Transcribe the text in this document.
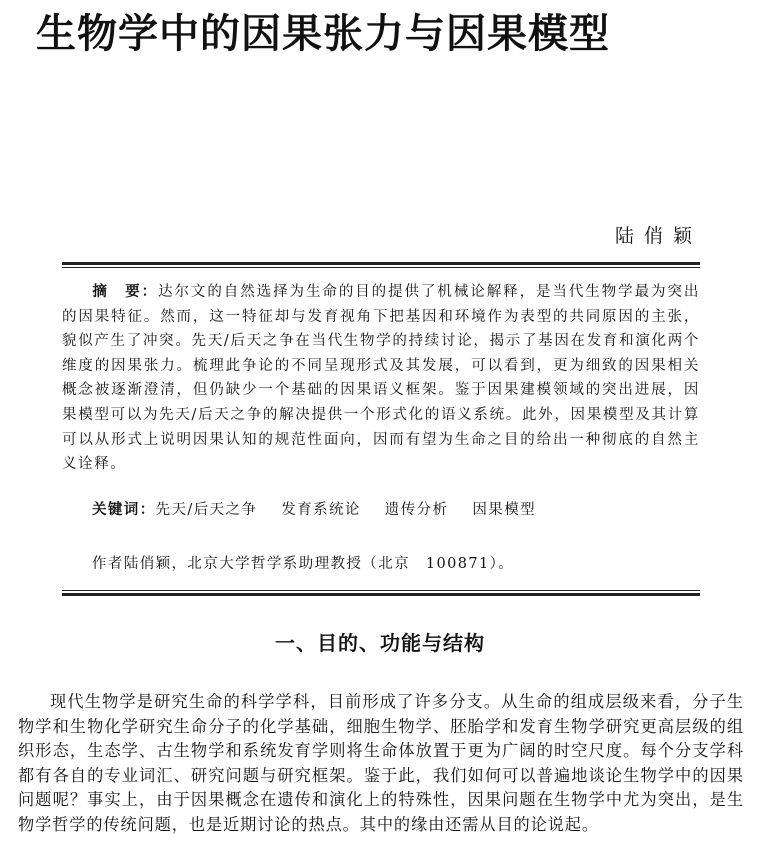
生物学中的因果张力与因果模型
陆俏颖

摘　要：达尔文的自然选择为生命的目的提供了机械论解释，是当代生物学最为突出的因果特征。然而，这一特征却与发育视角下把基因和环境作为表型的共同原因的主张，貌似产生了冲突。先天/后天之争在当代生物学的持续讨论，揭示了基因在发育和演化两个维度的因果张力。梳理此争论的不同呈现形式及其发展，可以看到，更为细致的因果相关概念被逐渐澄清，但仍缺少一个基础的因果语义框架。鉴于因果建模领域的突出进展，因果模型可以为先天/后天之争的解决提供一个形式化的语义系统。此外，因果模型及其计算可以从形式上说明因果认知的规范性面向，因而有望为生命之目的给出一种彻底的自然主义诠释。

关键词：先天/后天之争 发育系统论 遗传分析 因果模型
作者陆俏颖，北京大学哲学系助理教授（北京　100871）。
一、目的、功能与结构

现代生物学是研究生命的科学学科，目前形成了许多分支。从生命的组成层级来看，分子生物学和生物化学研究生命分子的化学基础，细胞生物学、胚胎学和发育生物学研究更高层级的组织形态，生态学、古生物学和系统发育学则将生命体放置于更为广阔的时空尺度。每个分支学科都有各自的专业词汇、研究问题与研究框架。鉴于此，我们如何可以普遍地谈论生物学中的因果问题呢？事实上，由于因果概念在遗传和演化上的特殊性，因果问题在生物学中尤为突出，是生物学哲学的传统问题，也是近期讨论的热点。其中的缘由还需从目的论说起。
